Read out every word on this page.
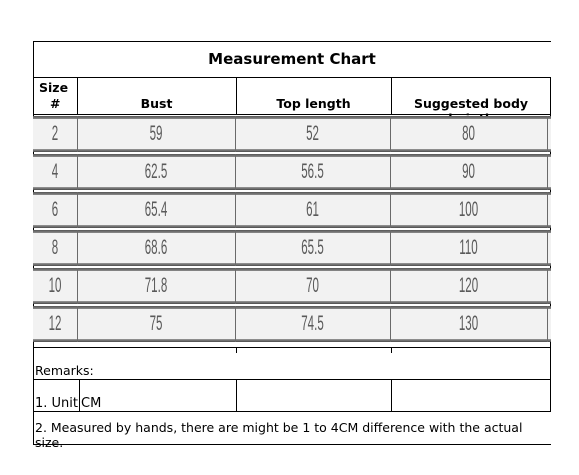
Measurement Chart
Size
#	Bust	Top length	Suggested body
2	59	52	80
4	62.5	56.5	90
6	65.4	61	100
8	68.6	65.5	110
10	71.8	70	120
12	75	74.5	130
Remarks:
1. Unit CM
2. Measured by hands, there are might be 1 to 4CM difference with the actual size.
